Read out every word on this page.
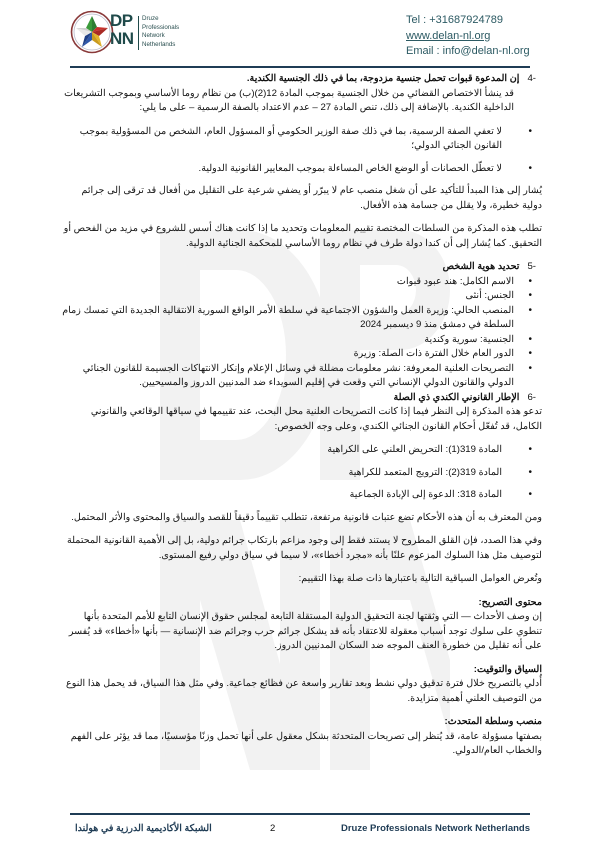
DP
NN
Druze
Professionals
Network
Netherlands
Tel : +31687924789
www.delan-nl.org
Email : info@delan-nl.org

-4إن المدعوة قبوات تحمل جنسية مزدوجة، بما في ذلك الجنسية الكندية.

قد ينشأ الاختصاص القضائي من خلال الجنسية بموجب المادة 12(2)(ب) من نظام روما الأساسي وبموجب التشريعات الداخلية الكندية. بالإضافة إلى ذلك، تنص المادة 27 – عدم الاعتداد بالصفة الرسمية – على ما يلي:

• لا تعفي الصفة الرسمية، بما في ذلك صفة الوزير الحكومي أو المسؤول العام، الشخص من المسؤولية بموجب القانون الجنائي الدولي؛
• لا تعطّل الحصانات أو الوضع الخاص المساءلة بموجب المعايير القانونية الدولية.

يُشار إلى هذا المبدأ للتأكيد على أن شغل منصب عام لا يبرّر أو يضفي شرعية على التقليل من أفعال قد ترقى إلى جرائم دولية خطيرة، ولا يقلل من جسامة هذه الأفعال.

تطلب هذه المذكرة من السلطات المختصة تقييم المعلومات وتحديد ما إذا كانت هناك أسس للشروع في مزيد من الفحص أو التحقيق. كما يُشار إلى أن كندا دولة طرف في نظام روما الأساسي للمحكمة الجنائية الدولية.

-5تحديد هوية الشخص

• الاسم الكامل: هند عبود قبوات
• الجنس: أنثى
• المنصب الحالي: وزيرة العمل والشؤون الاجتماعية في سلطة الأمر الواقع السورية الانتقالية الجديدة التي تمسك زمام السلطة في دمشق منذ 9 ديسمبر 2024
• الجنسية: سورية وكندية
• الدور العام خلال الفترة ذات الصلة: وزيرة
• التصريحات العلنية المعروفة: نشر معلومات مضللة في وسائل الإعلام وإنكار الانتهاكات الجسيمة للقانون الجنائي الدولي والقانون الدولي الإنساني التي وقعت في إقليم السويداء ضد المدنيين الدروز والمسيحيين.

-6الإطار القانوني الكندي ذي الصلة

تدعو هذه المذكرة إلى النظر فيما إذا كانت التصريحات العلنية محل البحث، عند تقييمها في سياقها الوقائعي والقانوني الكامل، قد تُفعّل أحكام القانون الجنائي الكندي، وعلى وجه الخصوص:

• المادة 319(1): التحريض العلني على الكراهية
• المادة 319(2): الترويج المتعمد للكراهية
• المادة 318: الدعوة إلى الإبادة الجماعية

ومن المعترف به أن هذه الأحكام تضع عتبات قانونية مرتفعة، تتطلب تقييماً دقيقاً للقصد والسياق والمحتوى والأثر المحتمل.

وفي هذا الصدد، فإن القلق المطروح لا يستند فقط إلى وجود مزاعم بارتكاب جرائم دولية، بل إلى الأهمية القانونية المحتملة لتوصيف مثل هذا السلوك المزعوم علنًا بأنه «مجرد أخطاء»، لا سيما في سياق دولي رفيع المستوى.

وتُعرض العوامل السياقية التالية باعتبارها ذات صلة بهذا التقييم:

محتوى التصريح:

إن وصف الأحداث — التي وثقتها لجنة التحقيق الدولية المستقلة التابعة لمجلس حقوق الإنسان التابع للأمم المتحدة بأنها تنطوي على سلوك توجد أسباب معقولة للاعتقاد بأنه قد يشكل جرائم حرب وجرائم ضد الإنسانية — بأنها «أخطاء» قد يُفسر على أنه تقليل من خطورة العنف الموجه ضد السكان المدنيين الدروز.

السياق والتوقيت:

أُدلي بالتصريح خلال فترة تدقيق دولي نشط وبعد تقارير واسعة عن فظائع جماعية. وفي مثل هذا السياق، قد يحمل هذا النوع من التوصيف العلني أهمية متزايدة.

منصب وسلطة المتحدث:

بصفتها مسؤولة عامة، قد يُنظر إلى تصريحات المتحدثة بشكل معقول على أنها تحمل وزنًا مؤسسيًا، مما قد يؤثر على الفهم والخطاب العام/الدولي.

الشبكة الأكاديمية الدرزية في هولندا	2	Druze Professionals Network Netherlands
